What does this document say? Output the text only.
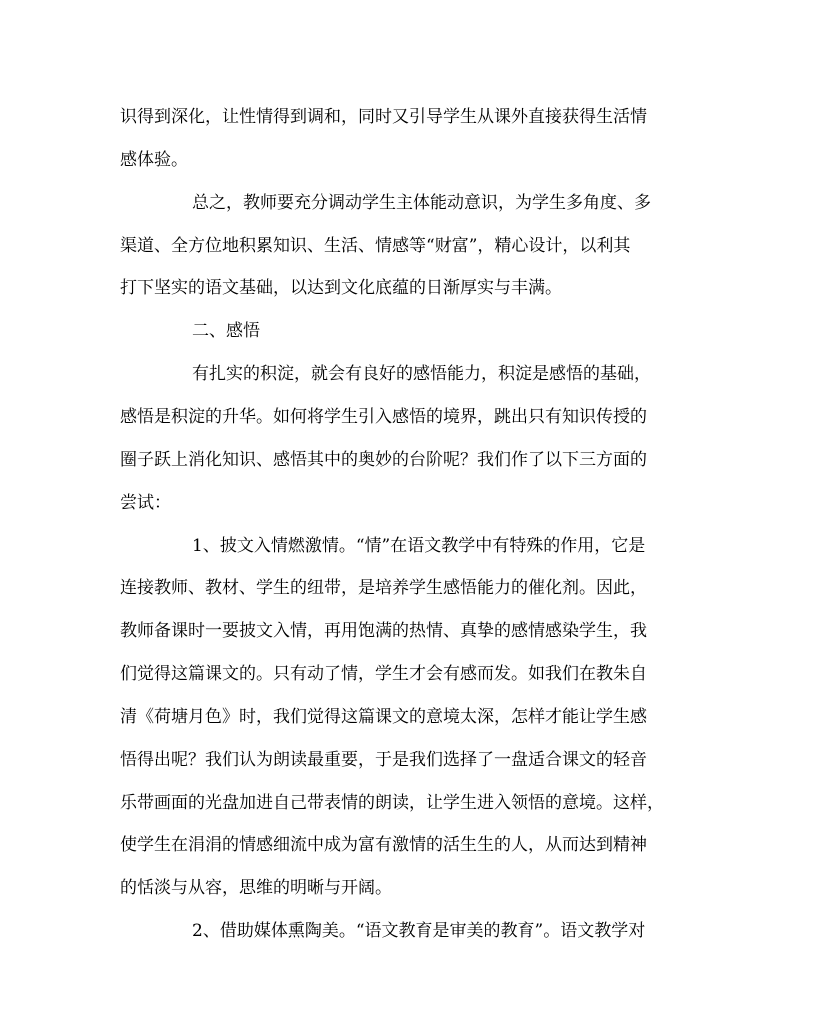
识得到深化，让性情得到调和，同时又引导学生从课外直接获得生活情
感体验。
总之，教师要充分调动学生主体能动意识，为学生多角度、多
渠道、全方位地积累知识、生活、情感等“财富”，精心设计，以利其
打下坚实的语文基础，以达到文化底蕴的日渐厚实与丰满。
二、感悟
有扎实的积淀，就会有良好的感悟能力，积淀是感悟的基础，
感悟是积淀的升华。如何将学生引入感悟的境界，跳出只有知识传授的
圈子跃上消化知识、感悟其中的奥妙的台阶呢？我们作了以下三方面的
尝试：
1、披文入情燃激情。“情”在语文教学中有特殊的作用，它是
连接教师、教材、学生的纽带，是培养学生感悟能力的催化剂。因此，
教师备课时一要披文入情，再用饱满的热情、真挚的感情感染学生，我
们觉得这篇课文的。只有动了情，学生才会有感而发。如我们在教朱自
清《荷塘月色》时，我们觉得这篇课文的意境太深，怎样才能让学生感
悟得出呢？我们认为朗读最重要，于是我们选择了一盘适合课文的轻音
乐带画面的光盘加进自己带表情的朗读，让学生进入领悟的意境。这样，
使学生在涓涓的情感细流中成为富有激情的活生生的人，从而达到精神
的恬淡与从容，思维的明晰与开阔。
2、借助媒体熏陶美。“语文教育是审美的教育”。语文教学对
